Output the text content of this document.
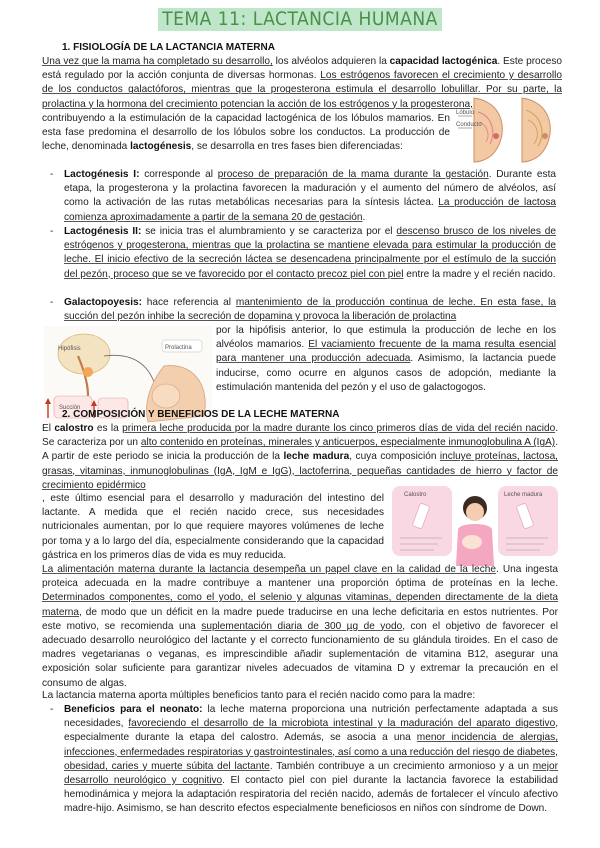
TEMA 11: LACTANCIA HUMANA
1. FISIOLOGÍA DE LA LACTANCIA MATERNA
Una vez que la mama ha completado su desarrollo, los alvéolos adquieren la capacidad lactogénica. Este proceso está regulado por la acción conjunta de diversas hormonas. Los estrógenos favorecen el crecimiento y desarrollo de los conductos galactóforos, mientras que la progesterona estimula el desarrollo lobulillar. Por su parte, la prolactina y la hormona del crecimiento potencian la acción de los estrógenos y la progesterona,
Lóbulo
Conducto
contribuyendo a la estimulación de la capacidad lactogénica de los lóbulos mamarios. En esta fase predomina el desarrollo de los lóbulos sobre los conductos. La producción de leche, denominada lactogénesis, se desarrolla en tres fases bien diferenciadas:
- Lactogénesis I: corresponde al proceso de preparación de la mama durante la gestación. Durante esta etapa, la progesterona y la prolactina favorecen la maduración y el aumento del número de alvéolos, así como la activación de las rutas metabólicas necesarias para la síntesis láctea. La producción de lactosa comienza aproximadamente a partir de la semana 20 de gestación.
- Lactogénesis II: se inicia tras el alumbramiento y se caracteriza por el descenso brusco de los niveles de estrógenos y progesterona, mientras que la prolactina se mantiene elevada para estimular la producción de leche. El inicio efectivo de la secreción láctea se desencadena principalmente por el estímulo de la succión del pezón, proceso que se ve favorecido por el contacto precoz piel con piel entre la madre y el recién nacido.
- Galactopoyesis: hace referencia al mantenimiento de la producción continua de leche. En esta fase, la succión del pezón inhibe la secreción de dopamina y provoca la liberación de prolactina
Prolactina
Hipófisis
Succión
por la hipófisis anterior, lo que estimula la producción de leche en los alvéolos mamarios. El vaciamiento frecuente de la mama resulta esencial para mantener una producción adecuada. Asimismo, la lactancia puede inducirse, como ocurre en algunos casos de adopción, mediante la estimulación mantenida del pezón y el uso de galactogogos.
2. COMPOSICIÓN Y BENEFICIOS DE LA LECHE MATERNA
El calostro es la primera leche producida por la madre durante los cinco primeros días de vida del recién nacido. Se caracteriza por un alto contenido en proteínas, minerales y anticuerpos, especialmente inmunoglobulina A (IgA). A partir de este periodo se inicia la producción de la leche madura, cuya composición incluye proteínas, lactosa, grasas, vitaminas, inmunoglobulinas (IgA, IgM e IgG), lactoferrina, pequeñas cantidades de hierro y factor de crecimiento epidérmico
Calostro	Leche madura
, este último esencial para el desarrollo y maduración del intestino del lactante. A medida que el recién nacido crece, sus necesidades nutricionales aumentan, por lo que requiere mayores volúmenes de leche por toma y a lo largo del día, especialmente considerando que la capacidad gástrica en los primeros días de vida es muy reducida.
La alimentación materna durante la lactancia desempeña un papel clave en la calidad de la leche. Una ingesta proteica adecuada en la madre contribuye a mantener una proporción óptima de proteínas en la leche. Determinados componentes, como el yodo, el selenio y algunas vitaminas, dependen directamente de la dieta materna, de modo que un déficit en la madre puede traducirse en una leche deficitaria en estos nutrientes. Por este motivo, se recomienda una suplementación diaria de 300 µg de yodo, con el objetivo de favorecer el adecuado desarrollo neurológico del lactante y el correcto funcionamiento de su glándula tiroides. En el caso de madres vegetarianas o veganas, es imprescindible añadir suplementación de vitamina B12, asegurar una exposición solar suficiente para garantizar niveles adecuados de vitamina D y extremar la precaución en el consumo de algas.
La lactancia materna aporta múltiples beneficios tanto para el recién nacido como para la madre:
- Beneficios para el neonato: la leche materna proporciona una nutrición perfectamente adaptada a sus necesidades, favoreciendo el desarrollo de la microbiota intestinal y la maduración del aparato digestivo, especialmente durante la etapa del calostro. Además, se asocia a una menor incidencia de alergias, infecciones, enfermedades respiratorias y gastrointestinales, así como a una reducción del riesgo de diabetes, obesidad, caries y muerte súbita del lactante. También contribuye a un crecimiento armonioso y a un mejor desarrollo neurológico y cognitivo. El contacto piel con piel durante la lactancia favorece la estabilidad hemodinámica y mejora la adaptación respiratoria del recién nacido, además de fortalecer el vínculo afectivo madre-hijo. Asimismo, se han descrito efectos especialmente beneficiosos en niños con síndrome de Down.
